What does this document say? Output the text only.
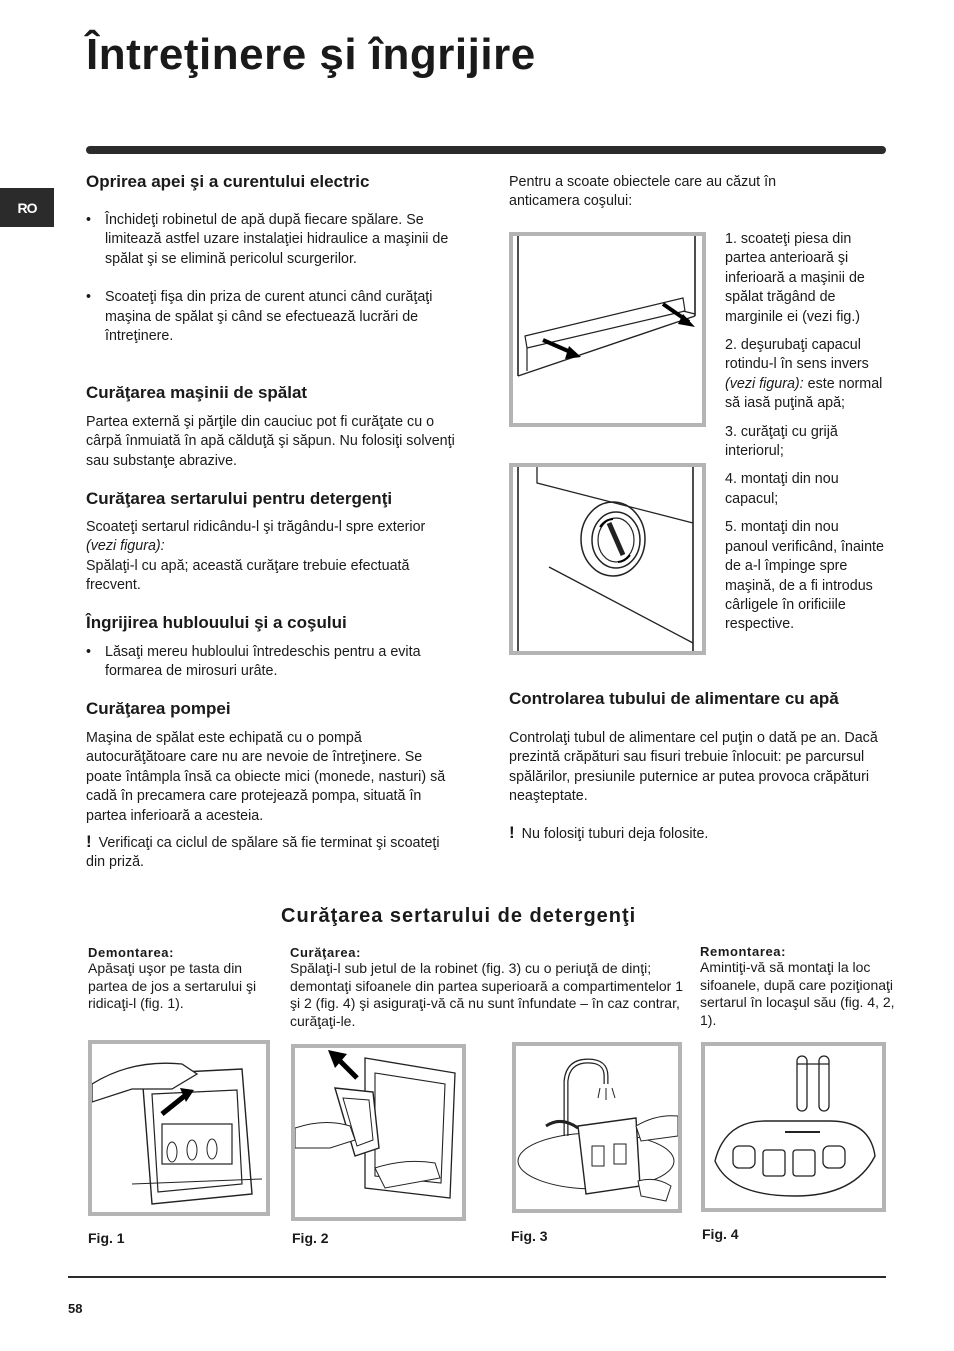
Întreţinere şi îngrijire
RO
Oprirea apei şi a curentului electric
• Închideţi robinetul de apă după fiecare spălare. Se limitează astfel uzare instalaţiei hidraulice a maşinii de spălat şi se elimină pericolul scurgerilor.
• Scoateţi fişa din priza de curent atunci când curăţaţi maşina de spălat şi când se efectuează lucrări de întreţinere.
Curăţarea maşinii de spălat

Partea externă şi părţile din cauciuc pot fi curăţate cu o cârpă înmuiată în apă călduţă şi săpun. Nu folosiţi solvenţi sau substanţe abrazive.

Curăţarea sertarului pentru detergenţi

Scoateţi sertarul ridicându-l şi trăgându-l spre exterior (vezi figura):
Spălaţi-l cu apă; această curăţare trebuie efectuată frecvent.

Îngrijirea hublouului şi a coşului
• Lăsaţi mereu hubloului întredeschis pentru a evita formarea de mirosuri urâte.
Curăţarea pompei

Maşina de spălat este echipată cu o pompă autocurăţătoare care nu are nevoie de întreţinere. Se poate întâmpla însă ca obiecte mici (monede, nasturi) să cadă în precamera care protejează pompa, situată în partea inferioară a acesteia.

! Verificaţi ca ciclul de spălare să fie terminat şi scoateţi din priză.

Pentru a scoate obiectele care au căzut în anticamera coşului:

1. scoateţi piesa din partea anterioară şi inferioară a maşinii de spălat trăgând de marginile ei (vezi fig.)

2. deşurubaţi capacul rotindu-l în sens invers (vezi figura): este normal să iasă puţină apă;

3. curăţaţi cu grijă interiorul;

4. montaţi din nou capacul;

5. montaţi din nou panoul verificând, înainte de a-l împinge spre maşină, de a fi introdus cârligele în orificiile respective.

Controlarea tubului de alimentare cu apă

Controlaţi tubul de alimentare cel puţin o dată pe an. Dacă prezintă crăpături sau fisuri trebuie înlocuit: pe parcursul spălărilor, presiunile puternice ar putea provoca crăpături neaşteptate.

! Nu folosiţi tuburi deja folosite.

Curăţarea sertarului de detergenţi

Demontarea:

Apăsaţi uşor pe tasta din partea de jos a sertarului şi ridicaţi-l (fig. 1).

Curăţarea:

Spălaţi-l sub jetul de la robinet (fig. 3) cu o periuţă de dinţi; demontaţi sifoanele din partea superioară a compartimentelor 1 şi 2 (fig. 4) şi asiguraţi-vă că nu sunt înfundate – în caz contrar, curăţaţi-le.

Remontarea:

Amintiţi-vă să montaţi la loc sifoanele, după care poziţionaţi sertarul în locaşul său (fig. 4, 2, 1).

Fig. 1	Fig. 2	Fig. 3	Fig. 4
58
